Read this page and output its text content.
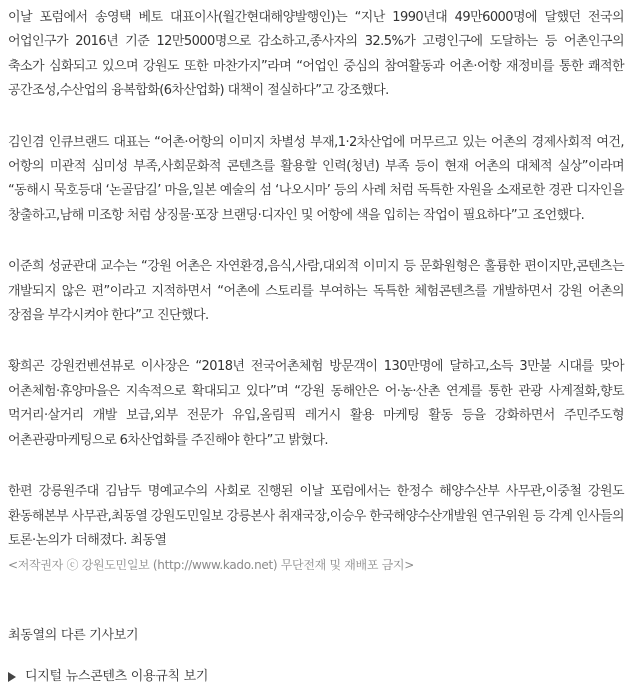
이날 포럼에서 송영택 베토 대표이사(월간현대해양발행인)는 “지난 1990년대 49만6000명에 달했던 전국의 어업인구가 2016년 기준 12만5000명으로 감소하고,종사자의 32.5%가 고령인구에 도달하는 등 어촌인구의 축소가 심화되고 있으며 강원도 또한 마찬가지”라며 “어업인 중심의 참여활동과 어촌·어항 재정비를 통한 쾌적한 공간조성,수산업의 융복합화(6차산업화) 대책이 절실하다”고 강조했다.

김인겸 인큐브랜드 대표는 “어촌·어항의 이미지 차별성 부재,1·2차산업에 머무르고 있는 어촌의 경제사회적 여건,어항의 미관적 심미성 부족,사회문화적 콘텐츠를 활용할 인력(청년) 부족 등이 현재 어촌의 대체적 실상”이라며 “동해시 묵호등대 ‘논골담길’ 마을,일본 예술의 섬 ‘나오시마’ 등의 사례 처럼 독특한 자원을 소재로한 경관 디자인을 창출하고,남해 미조항 처럼 상징물·포장 브랜딩·디자인 및 어항에 색을 입히는 작업이 필요하다”고 조언했다.

이준희 성균관대 교수는 “강원 어촌은 자연환경,음식,사람,대외적 이미지 등 문화원형은 훌륭한 편이지만,콘텐츠는 개발되지 않은 편”이라고 지적하면서 “어촌에 스토리를 부여하는 독특한 체험콘텐츠를 개발하면서 강원 어촌의 장점을 부각시켜야 한다”고 진단했다.

황희곤 강원컨벤션뷰로 이사장은 “2018년 전국어촌체험 방문객이 130만명에 달하고,소득 3만불 시대를 맞아 어촌체험·휴양마을은 지속적으로 확대되고 있다”며 “강원 동해안은 어·농·산촌 연계를 통한 관광 사계절화,향토 먹거리·살거리 개발 보급,외부 전문가 유입,올림픽 레거시 활용 마케팅 활동 등을 강화하면서 주민주도형 어촌관광마케팅으로 6차산업화를 주진해야 한다”고 밝혔다.

한편 강릉원주대 김남두 명예교수의 사회로 진행된 이날 포럼에서는 한정수 해양수산부 사무관,이중철 강원도 환동해본부 사무관,최동열 강원도민일보 강릉본사 취재국장,이승우 한국해양수산개발원 연구위원 등 각계 인사들의 토론·논의가 더해졌다. 최동열

<저작권자 ⓒ 강원도민일보 (http://www.kado.net) 무단전재 및 재배포 금지>

최동열의 다른 기사보기
디지털 뉴스콘텐츠 이용규칙 보기
